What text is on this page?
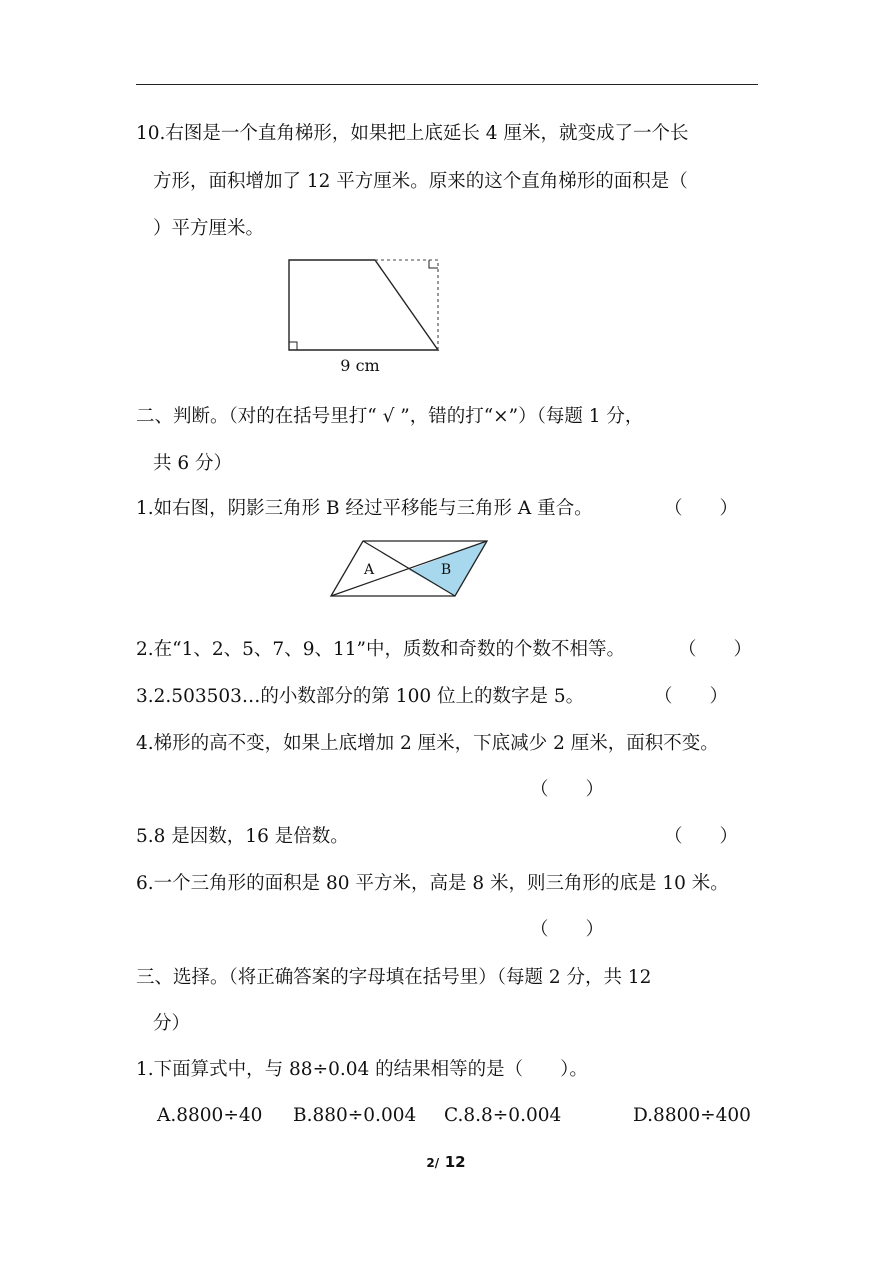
10.右图是一个直角梯形，如果把上底延长 4 厘米，就变成了一个长
方形，面积增加了 12 平方厘米。原来的这个直角梯形的面积是（
）平方厘米。
9 cm
二、判断。（对的在括号里打“ √ ”，错的打“×”）（每题 1 分，
共 6 分）
1.如右图，阴影三角形 B 经过平移能与三角形 A 重合。	（　　）
A	B
2.在“1、2、5、7、9、11”中，质数和奇数的个数不相等。	（　　）
3.2.503503…的小数部分的第 100 位上的数字是 5。	（　　）
4.梯形的高不变，如果上底增加 2 厘米，下底减少 2 厘米，面积不变。
（　　）
5.8 是因数，16 是倍数。	（　　）
6.一个三角形的面积是 80 平方米，高是 8 米，则三角形的底是 10 米。
（　　）
三、选择。（将正确答案的字母填在括号里）（每题 2 分，共 12
分）
1.下面算式中，与 88÷0.04 的结果相等的是（　　）。
A.8800÷40 B.880÷0.004 C.8.8÷0.004	D.8800÷400
2/ 12
